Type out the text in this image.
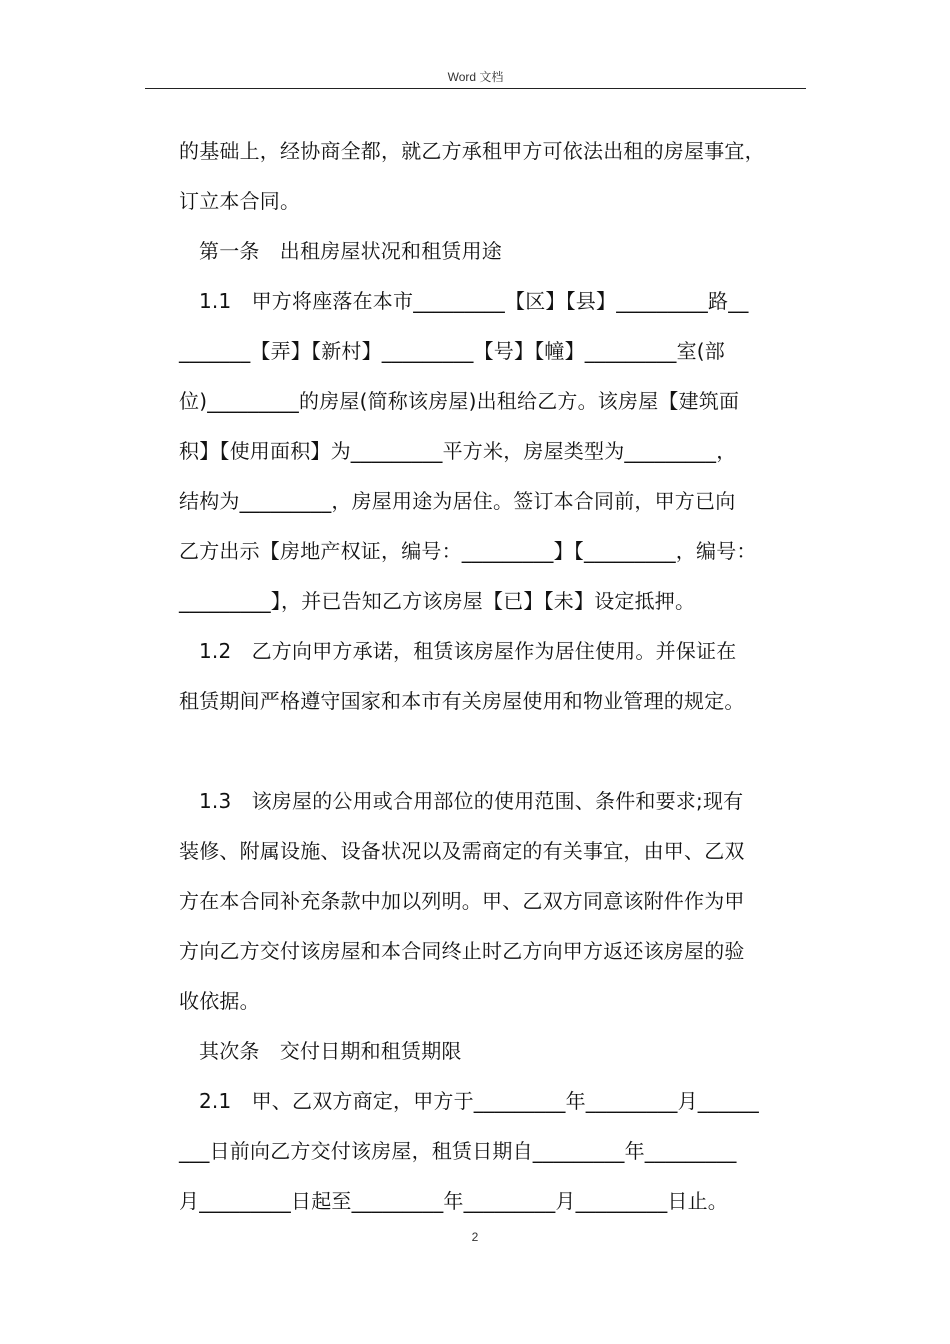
Word 文档
的基础上，经协商全都，就乙方承租甲方可依法出租的房屋事宜，
订立本合同。
第一条　出租房屋状况和租赁用途
1.1　甲方将座落在本市_________【区】【县】_________路__
_______【弄】【新村】_________【号】【幢】_________室(部
位)_________的房屋(简称该房屋)出租给乙方。该房屋【建筑面
积】【使用面积】为_________平方米，房屋类型为_________，
结构为_________，房屋用途为居住。签订本合同前，甲方已向
乙方出示【房地产权证，编号：_________】【_________，编号：
_________】，并已告知乙方该房屋【已】【未】设定抵押。
1.2　乙方向甲方承诺，租赁该房屋作为居住使用。并保证在
租赁期间严格遵守国家和本市有关房屋使用和物业管理的规定。
1.3　该房屋的公用或合用部位的使用范围、条件和要求;现有
装修、附属设施、设备状况以及需商定的有关事宜，由甲、乙双
方在本合同补充条款中加以列明。甲、乙双方同意该附件作为甲
方向乙方交付该房屋和本合同终止时乙方向甲方返还该房屋的验
收依据。
其次条　交付日期和租赁期限
2.1　甲、乙双方商定，甲方于_________年_________月______
___日前向乙方交付该房屋，租赁日期自_________年_________
月_________日起至_________年_________月_________日止。
2
